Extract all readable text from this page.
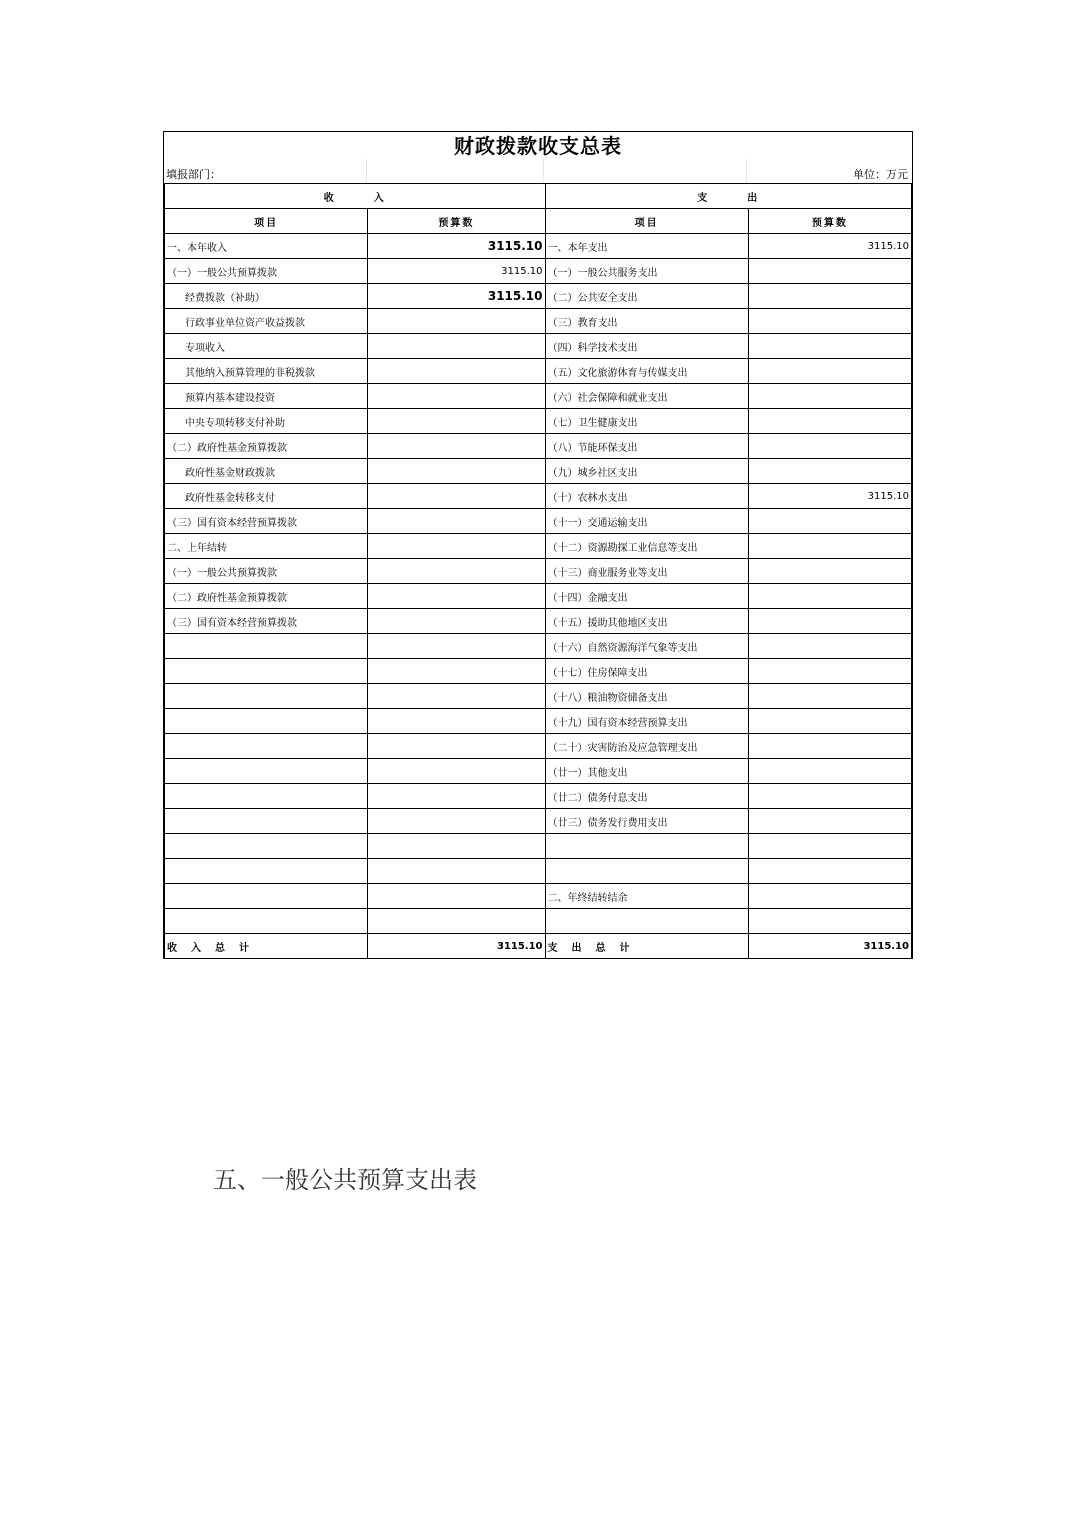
财政拨款收支总表
填报部门：	单位：万元
收 入		支 出	
项目	预算数	项目	预算数
一、本年收入	3115.10	一、本年支出	3115.10
（一）一般公共预算拨款	3115.10	（一）一般公共服务支出	
经费拨款（补助）	3115.10	（二）公共安全支出	
行政事业单位资产收益拨款		（三）教育支出	
专项收入		（四）科学技术支出	
其他纳入预算管理的非税拨款		（五）文化旅游体育与传媒支出	
预算内基本建设投资		（六）社会保障和就业支出	
中央专项转移支付补助		（七）卫生健康支出	
（二）政府性基金预算拨款		（八）节能环保支出	
政府性基金财政拨款		（九）城乡社区支出	
政府性基金转移支付		（十）农林水支出	3115.10
（三）国有资本经营预算拨款		（十一）交通运输支出	
二、上年结转		（十二）资源勘探工业信息等支出	
（一）一般公共预算拨款		（十三）商业服务业等支出	
（二）政府性基金预算拨款		（十四）金融支出	
（三）国有资本经营预算拨款		（十五）援助其他地区支出	
		（十六）自然资源海洋气象等支出	
		（十七）住房保障支出	
		（十八）粮油物资储备支出	
		（十九）国有资本经营预算支出	
		（二十）灾害防治及应急管理支出	
		（廿一）其他支出	
		（廿二）债务付息支出	
		（廿三）债务发行费用支出	

		二、年终结转结余	

收入总计	3115.10	支出总计	3115.10
五、一般公共预算支出表
